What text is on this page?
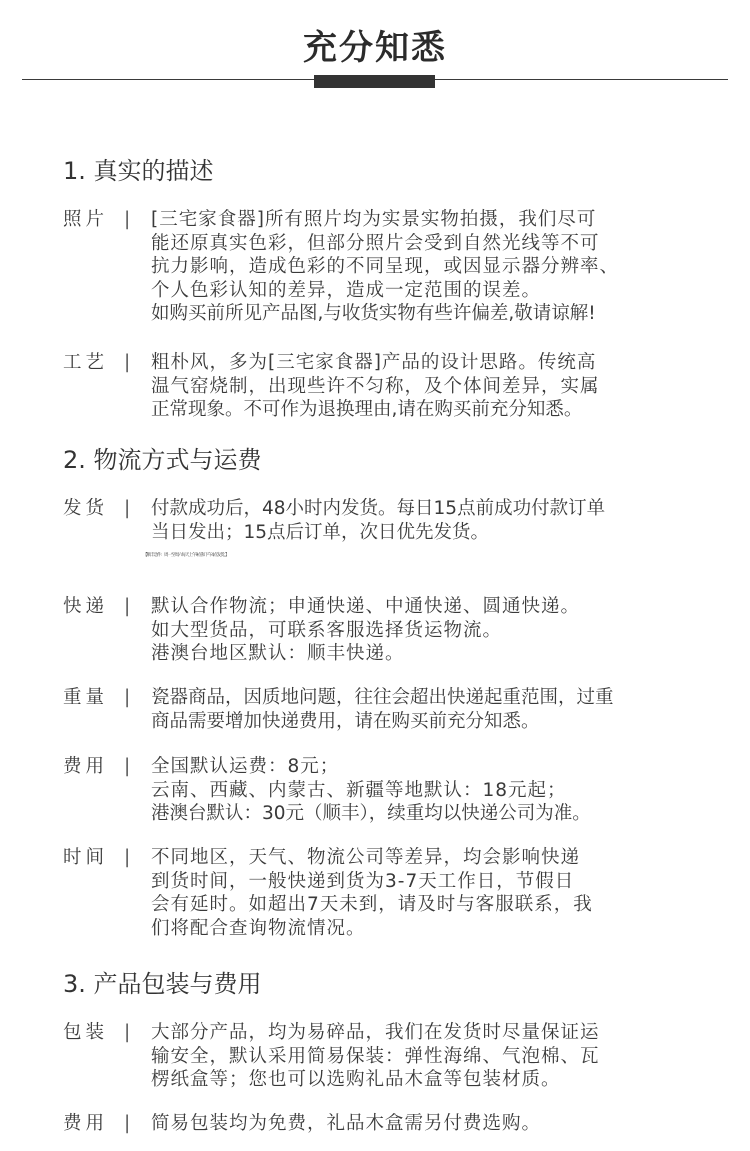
充分知悉
1. 真实的描述
照片 | [三宅家食器]所有照片均为实景实物拍摄，我们尽可
能还原真实色彩，但部分照片会受到自然光线等不可
抗力影响，造成色彩的不同呈现，或因显示器分辨率、
个人色彩认知的差异，造成一定范围的误差。
如购买前所见产品图,与收货实物有些许偏差,敬请谅解!
工艺 | 粗朴风，多为[三宅家食器]产品的设计思路。传统高
温气窑烧制，出现些许不匀称，及个体间差异，实属
正常现象。不可作为退换理由,请在购买前充分知悉。
2. 物流方式与运费
发货 | 付款成功后，48小时内发货。每日15点前成功付款订单
当日发出；15点后订单，次日优先发货。
【顺丰急件：周一至周六每天上午9点和下午4点发货。】
快递 | 默认合作物流；申通快递、中通快递、圆通快递。
如大型货品，可联系客服选择货运物流。
港澳台地区默认：顺丰快递。
重量 | 瓷器商品，因质地问题，往往会超出快递起重范围，过重
商品需要增加快递费用，请在购买前充分知悉。
费用 | 全国默认运费：8元；
云南、西藏、内蒙古、新疆等地默认：18元起；
港澳台默认：30元（顺丰），续重均以快递公司为准。
时间 | 不同地区，天气、物流公司等差异，均会影响快递
到货时间，一般快递到货为3-7天工作日，节假日
会有延时。如超出7天未到，请及时与客服联系，我
们将配合查询物流情况。
3. 产品包装与费用
包装 | 大部分产品，均为易碎品，我们在发货时尽量保证运
输安全，默认采用简易保装：弹性海绵、气泡棉、瓦
楞纸盒等；您也可以选购礼品木盒等包装材质。
费用 | 简易包装均为免费，礼品木盒需另付费选购。
